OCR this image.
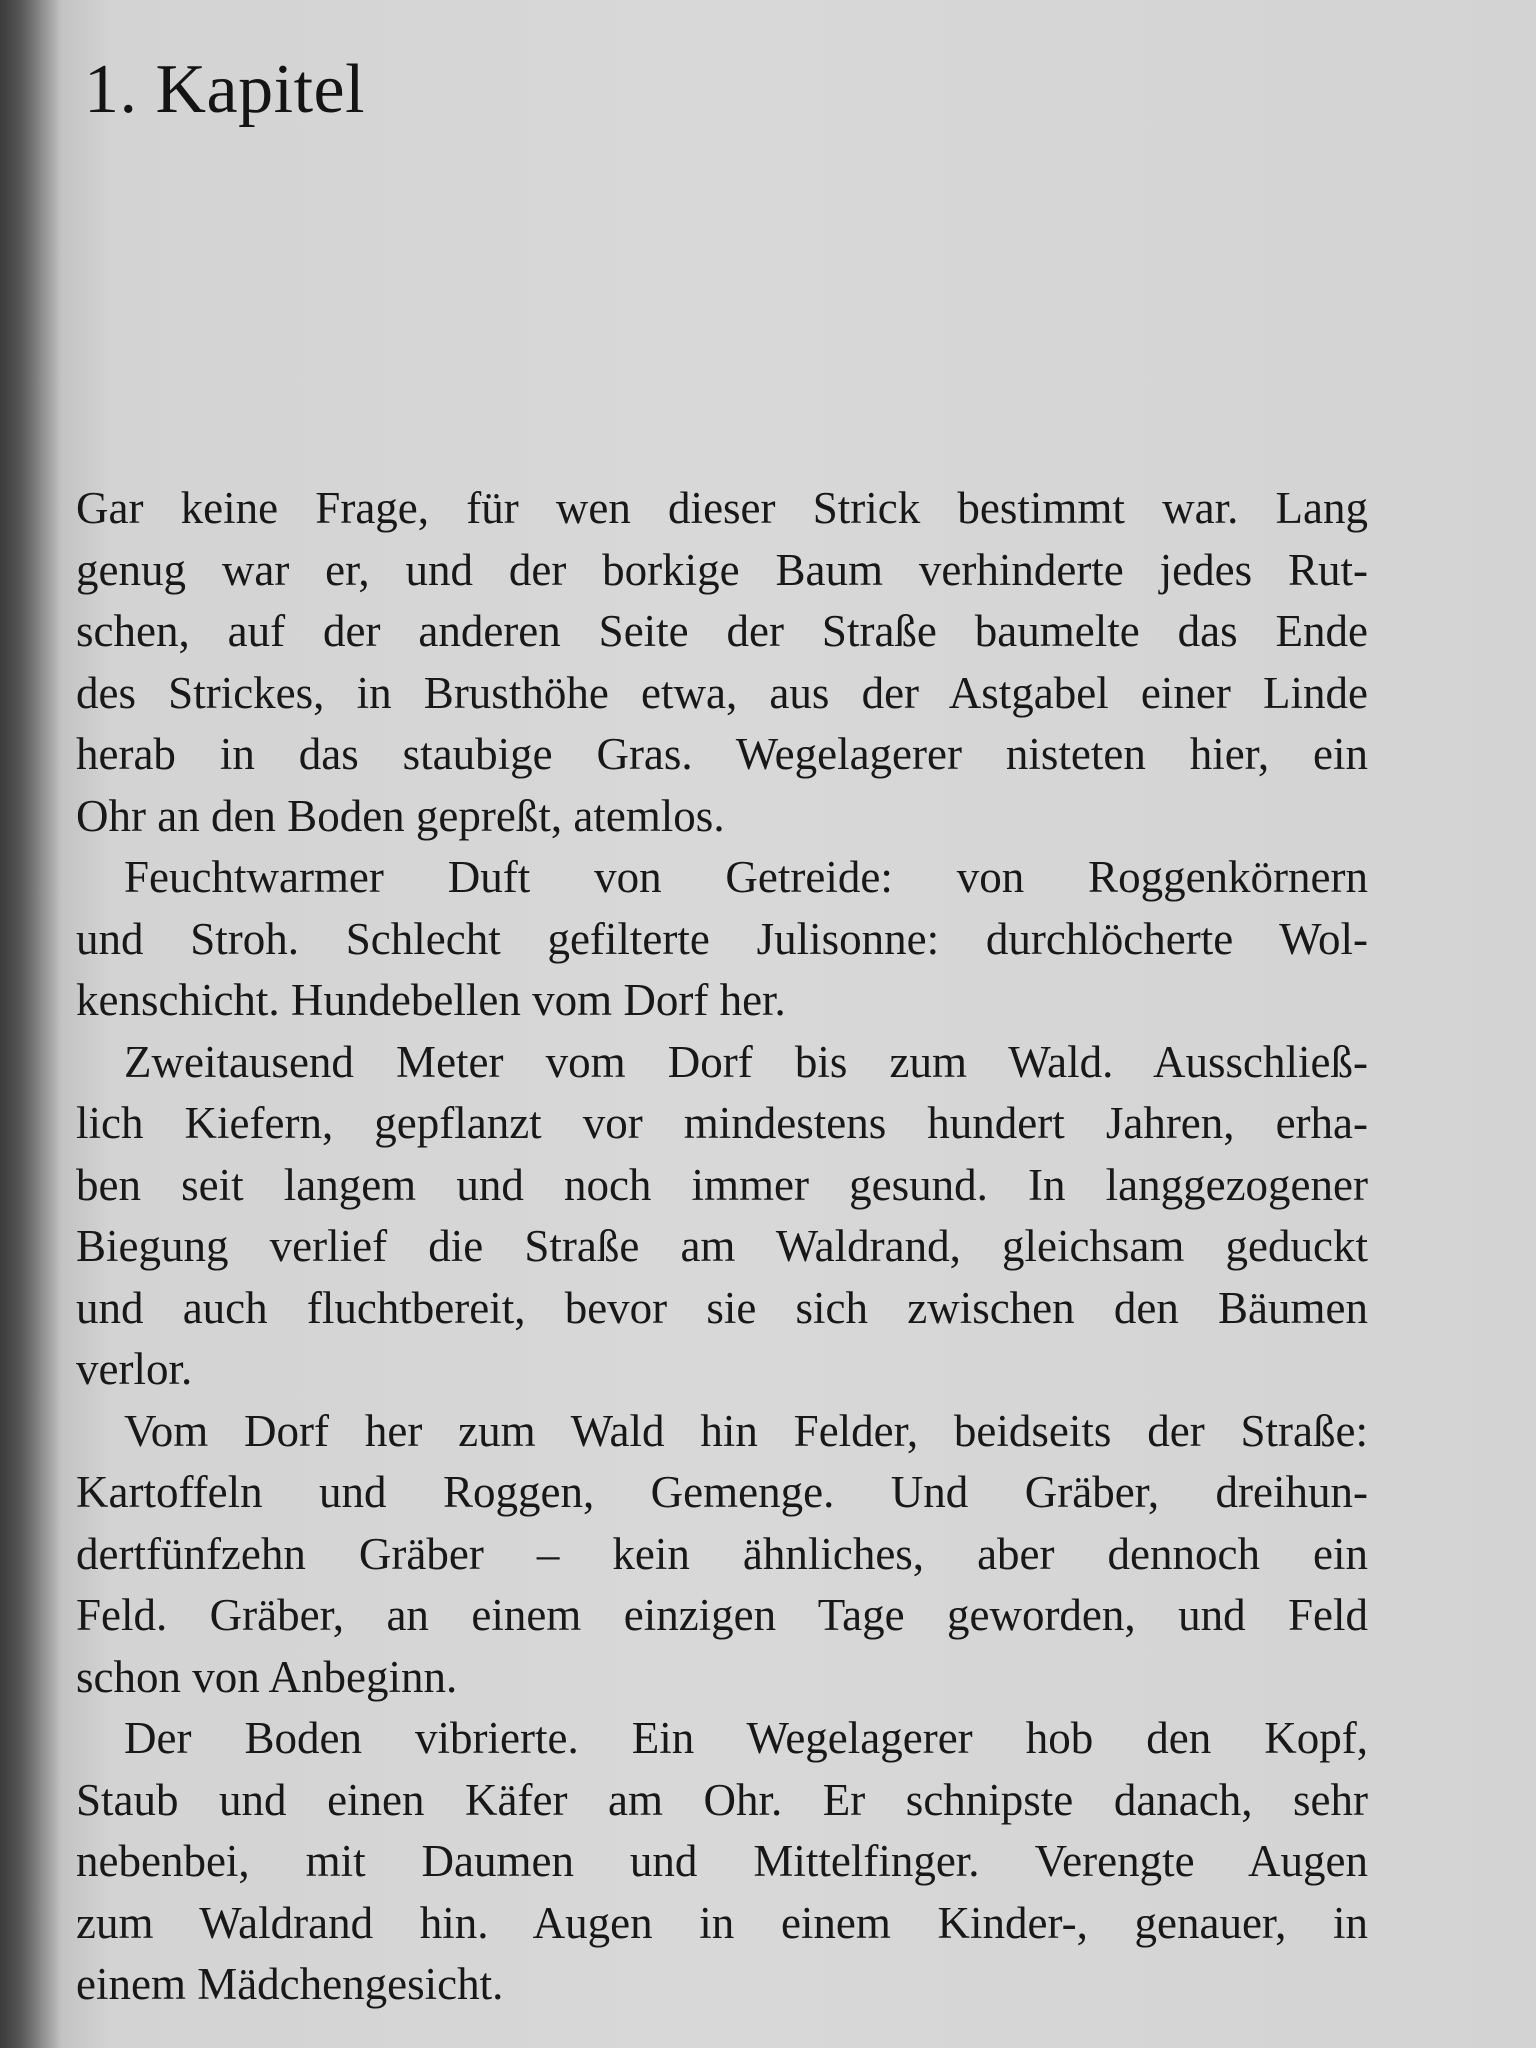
1. Kapitel
Gar keine Frage, für wen dieser Strick bestimmt war. Lang
genug war er, und der borkige Baum verhinderte jedes Rut-
schen, auf der anderen Seite der Straße baumelte das Ende
des Strickes, in Brusthöhe etwa, aus der Astgabel einer Linde
herab in das staubige Gras. Wegelagerer nisteten hier, ein
Ohr an den Boden gepreßt, atemlos.
Feuchtwarmer Duft von Getreide: von Roggenkörnern
und Stroh. Schlecht gefilterte Julisonne: durchlöcherte Wol-
kenschicht. Hundebellen vom Dorf her.
Zweitausend Meter vom Dorf bis zum Wald. Ausschließ-
lich Kiefern, gepflanzt vor mindestens hundert Jahren, erha-
ben seit langem und noch immer gesund. In langgezogener
Biegung verlief die Straße am Waldrand, gleichsam geduckt
und auch fluchtbereit, bevor sie sich zwischen den Bäumen
verlor.
Vom Dorf her zum Wald hin Felder, beidseits der Straße:
Kartoffeln und Roggen, Gemenge. Und Gräber, dreihun-
dertfünfzehn Gräber – kein ähnliches, aber dennoch ein
Feld. Gräber, an einem einzigen Tage geworden, und Feld
schon von Anbeginn.
Der Boden vibrierte. Ein Wegelagerer hob den Kopf,
Staub und einen Käfer am Ohr. Er schnipste danach, sehr
nebenbei, mit Daumen und Mittelfinger. Verengte Augen
zum Waldrand hin. Augen in einem Kinder-, genauer, in
einem Mädchengesicht.
